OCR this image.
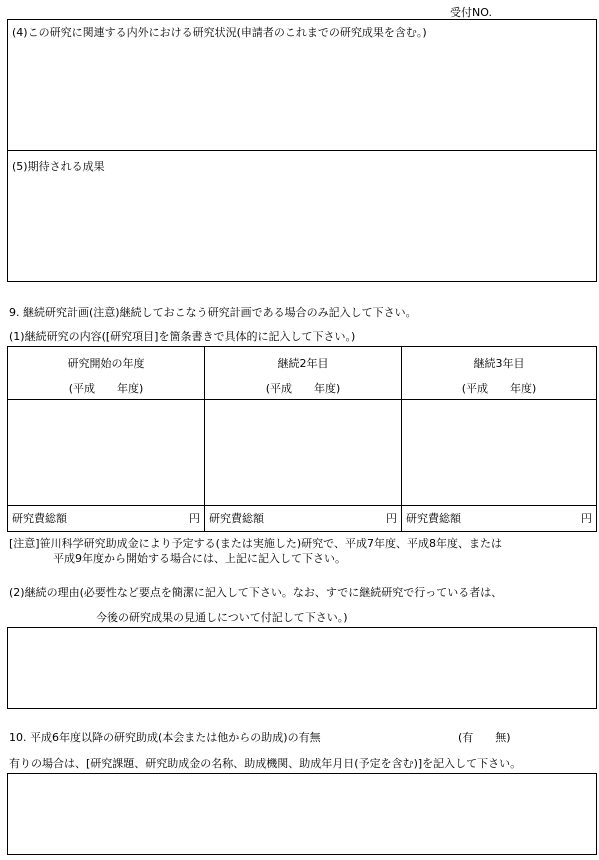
受付NO.
(4)この研究に関連する内外における研究状況(申請者のこれまでの研究成果を含む。)
(5)期待される成果
9. 継続研究計画(注意)継続しておこなう研究計画である場合のみ記入して下さい。
(1)継続研究の内容([研究項目]を箇条書きで具体的に記入して下さい。)
研究開始の年度
(平成　　年度)
継続2年目
(平成　　年度)
継続3年目
(平成　　年度)
研究費総額	円 研究費総額	円 研究費総額	円
[注意]笹川科学研究助成金により予定する(または実施した)研究で、平成7年度、平成8年度、または
平成9年度から開始する場合には、上記に記入して下さい。
(2)継続の理由(必要性など要点を簡潔に記入して下さい。なお、すでに継続研究で行っている者は、
今後の研究成果の見通しについて付記して下さい。)
10. 平成6年度以降の研究助成(本会または他からの助成)の有無	(有　　無)
有りの場合は、[研究課題、研究助成金の名称、助成機関、助成年月日(予定を含む)]を記入して下さい。
